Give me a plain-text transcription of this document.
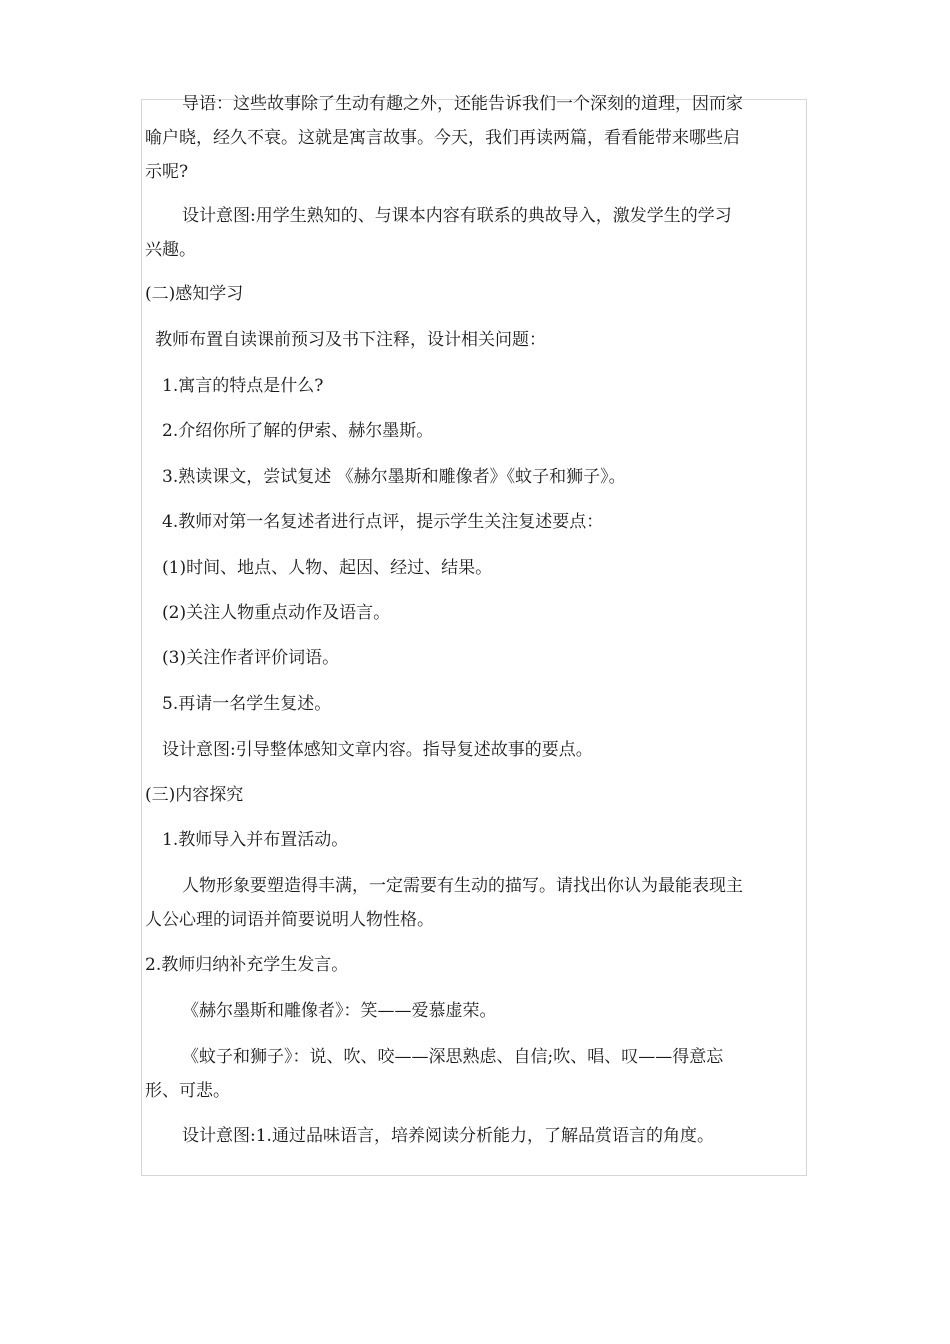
导语：这些故事除了生动有趣之外，还能告诉我们一个深刻的道理，因而家

喻户晓，经久不衰。这就是寓言故事。今天，我们再读两篇，看看能带来哪些启

示呢?

设计意图:用学生熟知的、与课本内容有联系的典故导入，激发学生的学习

兴趣。

(二)感知学习

教师布置自读课前预习及书下注释，设计相关问题：

1.寓言的特点是什么?

2.介绍你所了解的伊索、赫尔墨斯。

3.熟读课文，尝试复述 《赫尔墨斯和雕像者》《蚊子和狮子》。

4.教师对第一名复述者进行点评，提示学生关注复述要点：

(1)时间、地点、人物、起因、经过、结果。

(2)关注人物重点动作及语言。

(3)关注作者评价词语。

5.再请一名学生复述。

设计意图:引导整体感知文章内容。指导复述故事的要点。

(三)内容探究

1.教师导入并布置活动。

人物形象要塑造得丰满，一定需要有生动的描写。请找出你认为最能表现主

人公心理的词语并简要说明人物性格。

2.教师归纳补充学生发言。

《赫尔墨斯和雕像者》：笑——爱慕虚荣。

《蚊子和狮子》：说、吹、咬——深思熟虑、自信;吹、唱、叹——得意忘

形、可悲。

设计意图:1.通过品味语言，培养阅读分析能力，了解品赏语言的角度。
